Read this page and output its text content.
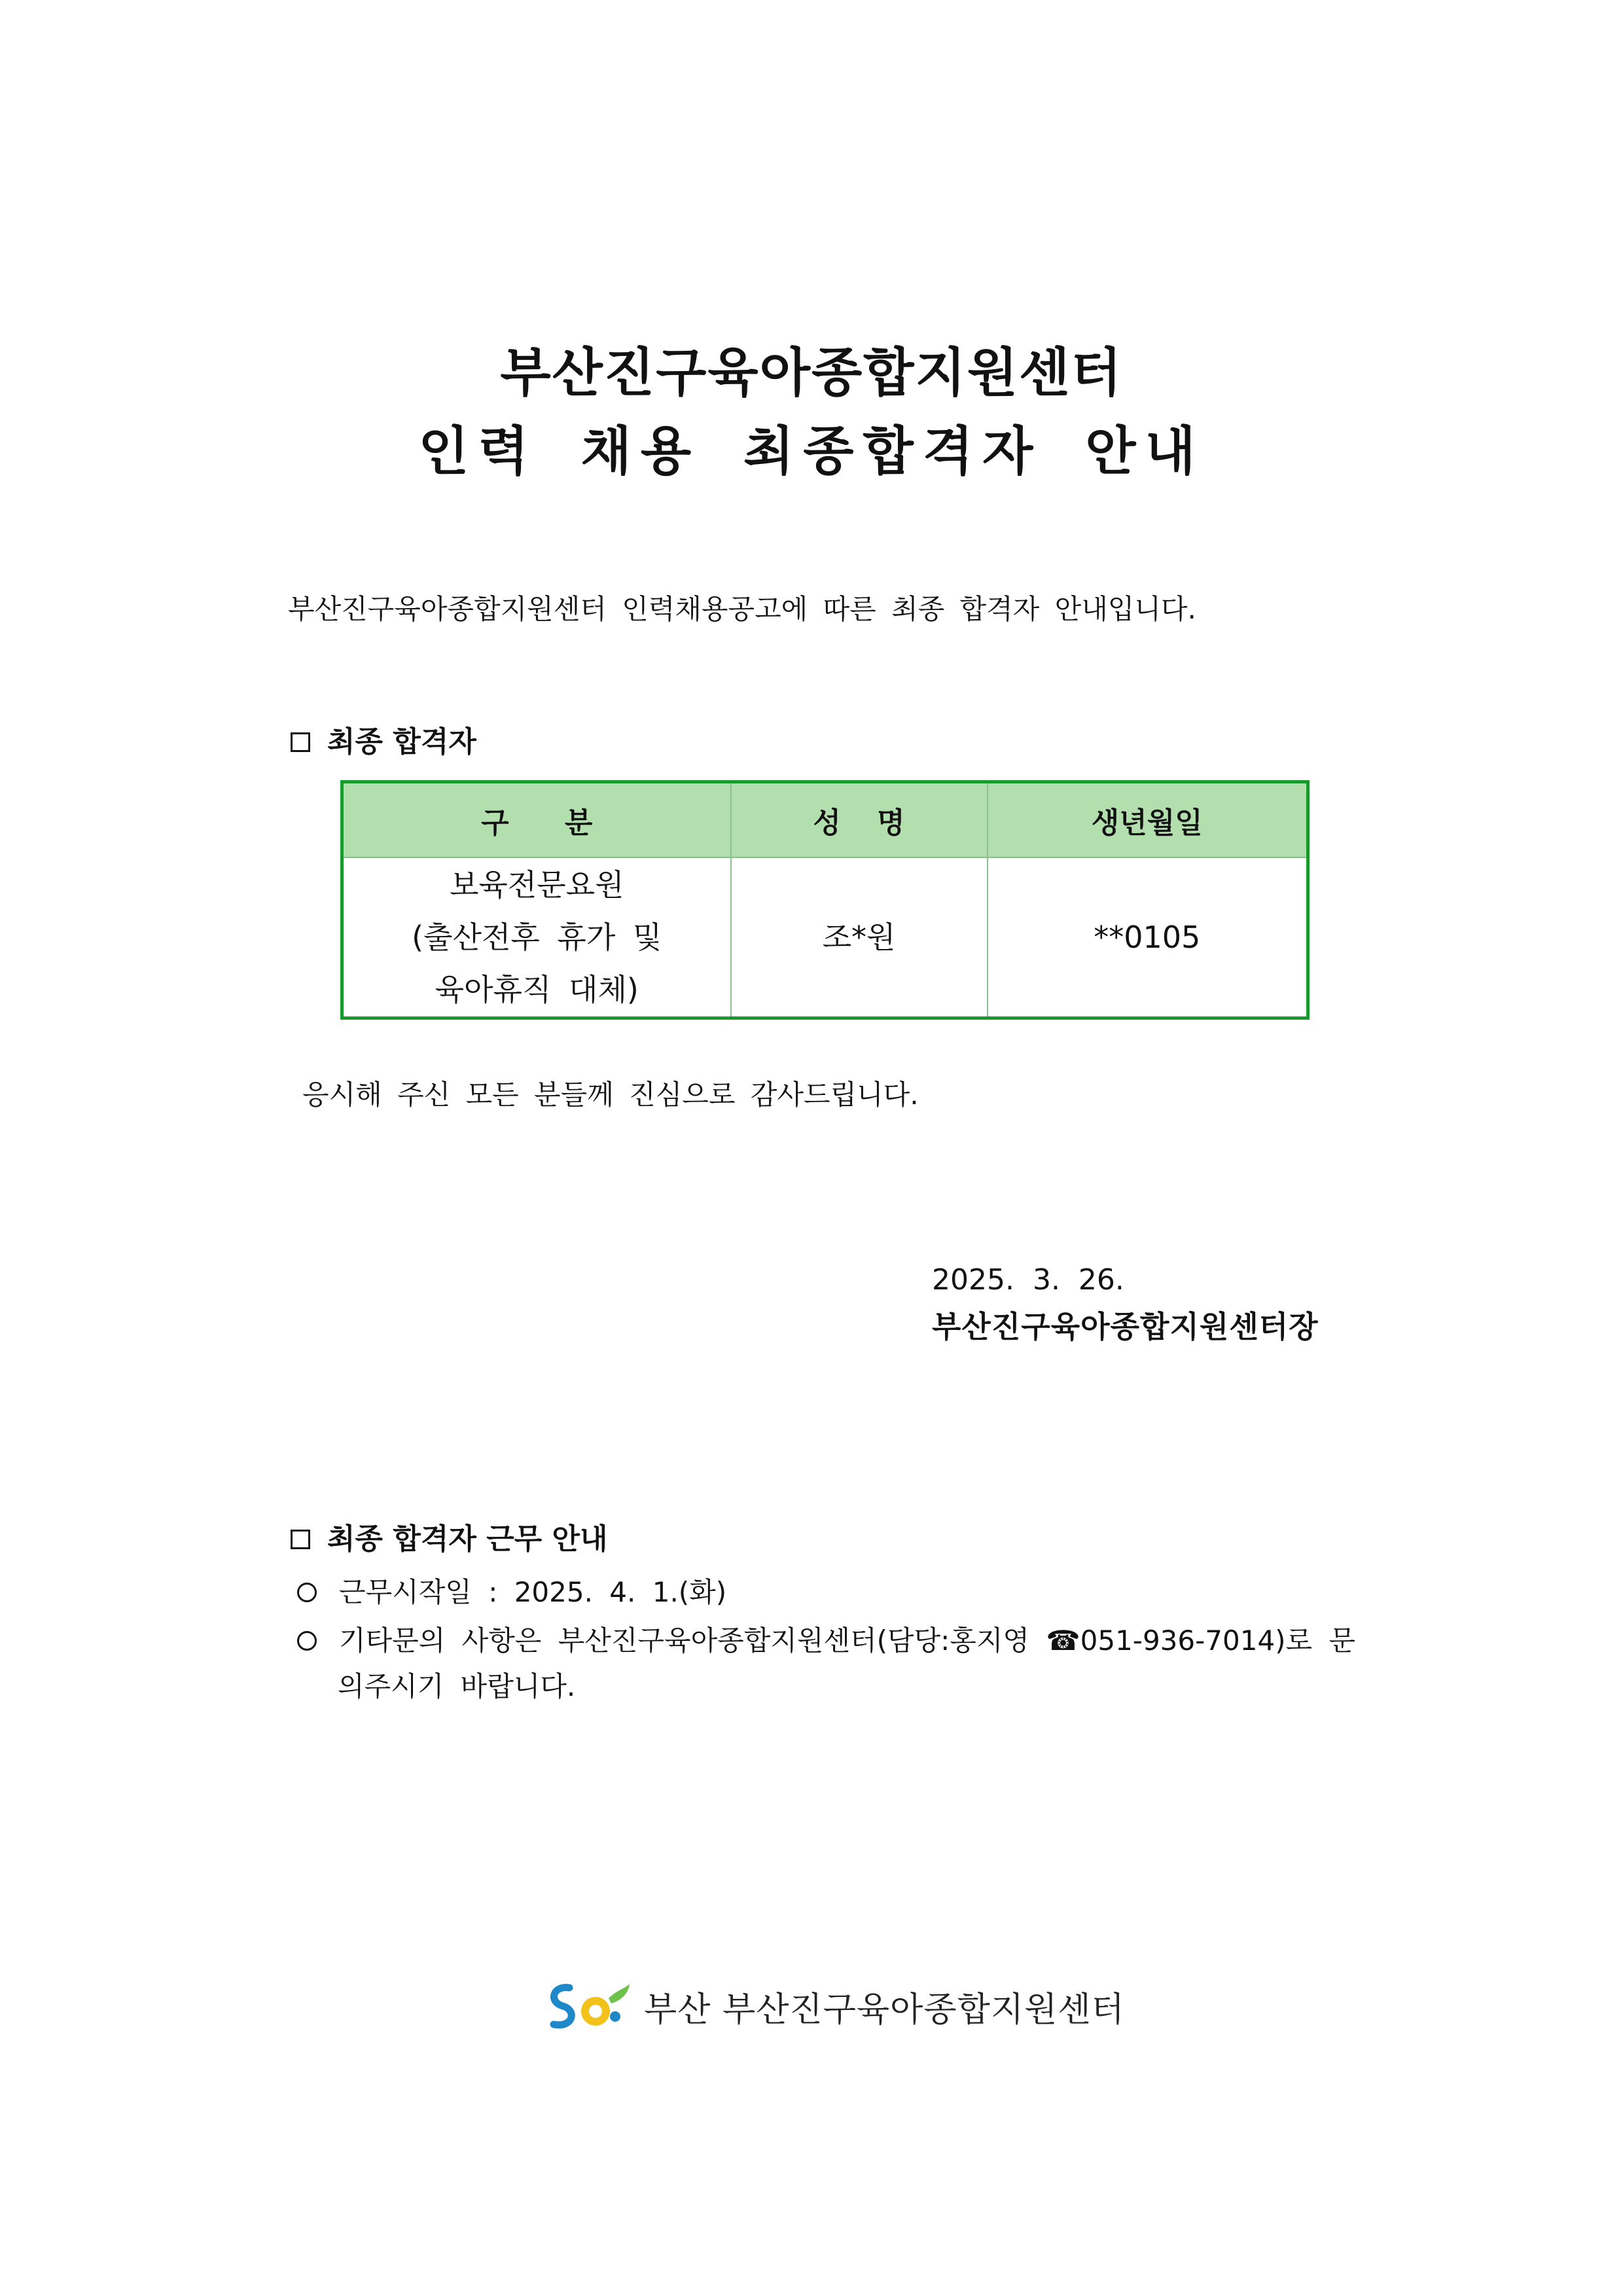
부산진구육아종합지원센터
인력 채용 최종합격자 안내
부산진구육아종합지원센터 인력채용공고에 따른 최종 합격자 안내입니다.
최종 합격자
구 분	성 명	생년월일

보육전문요원
(출산전후 휴가 및
육아휴직 대체)	조*원	**0105
응시해 주신 모든 분들께 진심으로 감사드립니다.
2025. 3. 26.
부산진구육아종합지원센터장
최종 합격자 근무 안내
근무시작일 : 2025. 4. 1.(화)
기타문의 사항은 부산진구육아종합지원센터(담당:홍지영 ☎051-936-7014)로 문
의주시기 바랍니다.
부산 부산진구육아종합지원센터
